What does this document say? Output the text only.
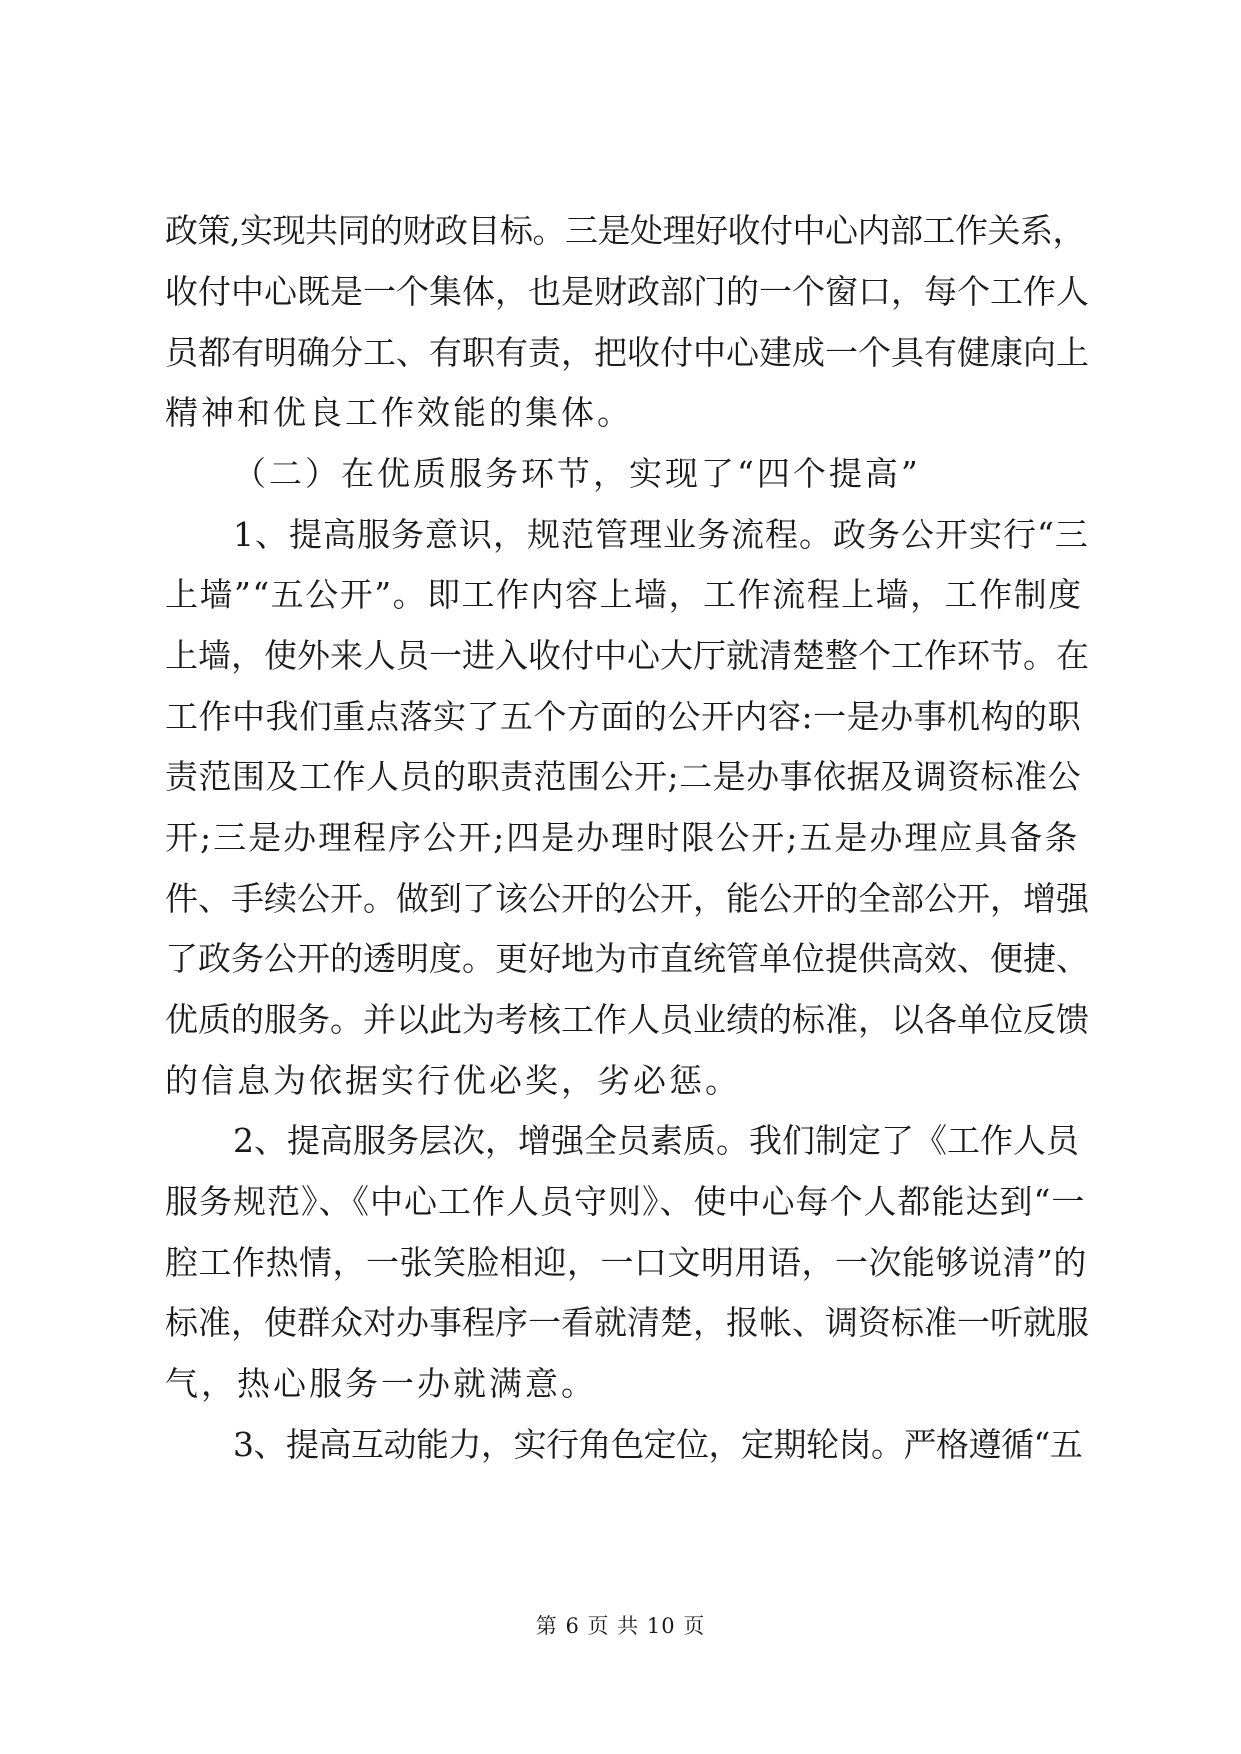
政策,实现共同的财政目标。三是处理好收付中心内部工作关系，
收付中心既是一个集体，也是财政部门的一个窗口，每个工作人
员都有明确分工、有职有责，把收付中心建成一个具有健康向上
精神和优良工作效能的集体。
（二）在优质服务环节，实现了“四个提高”
1、提高服务意识，规范管理业务流程。政务公开实行“三
上墙”“五公开”。即工作内容上墙，工作流程上墙，工作制度
上墙，使外来人员一进入收付中心大厅就清楚整个工作环节。在
工作中我们重点落实了五个方面的公开内容:一是办事机构的职
责范围及工作人员的职责范围公开;二是办事依据及调资标准公
开;三是办理程序公开;四是办理时限公开;五是办理应具备条
件、手续公开。做到了该公开的公开，能公开的全部公开，增强
了政务公开的透明度。更好地为市直统管单位提供高效、便捷、
优质的服务。并以此为考核工作人员业绩的标准，以各单位反馈
的信息为依据实行优必奖，劣必惩。
2、提高服务层次，增强全员素质。我们制定了《工作人员
服务规范》、《中心工作人员守则》、使中心每个人都能达到“一
腔工作热情，一张笑脸相迎，一口文明用语，一次能够说清”的
标准，使群众对办事程序一看就清楚，报帐、调资标准一听就服
气，热心服务一办就满意。
3、提高互动能力，实行角色定位，定期轮岗。严格遵循“五
第 6 页 共 10 页
